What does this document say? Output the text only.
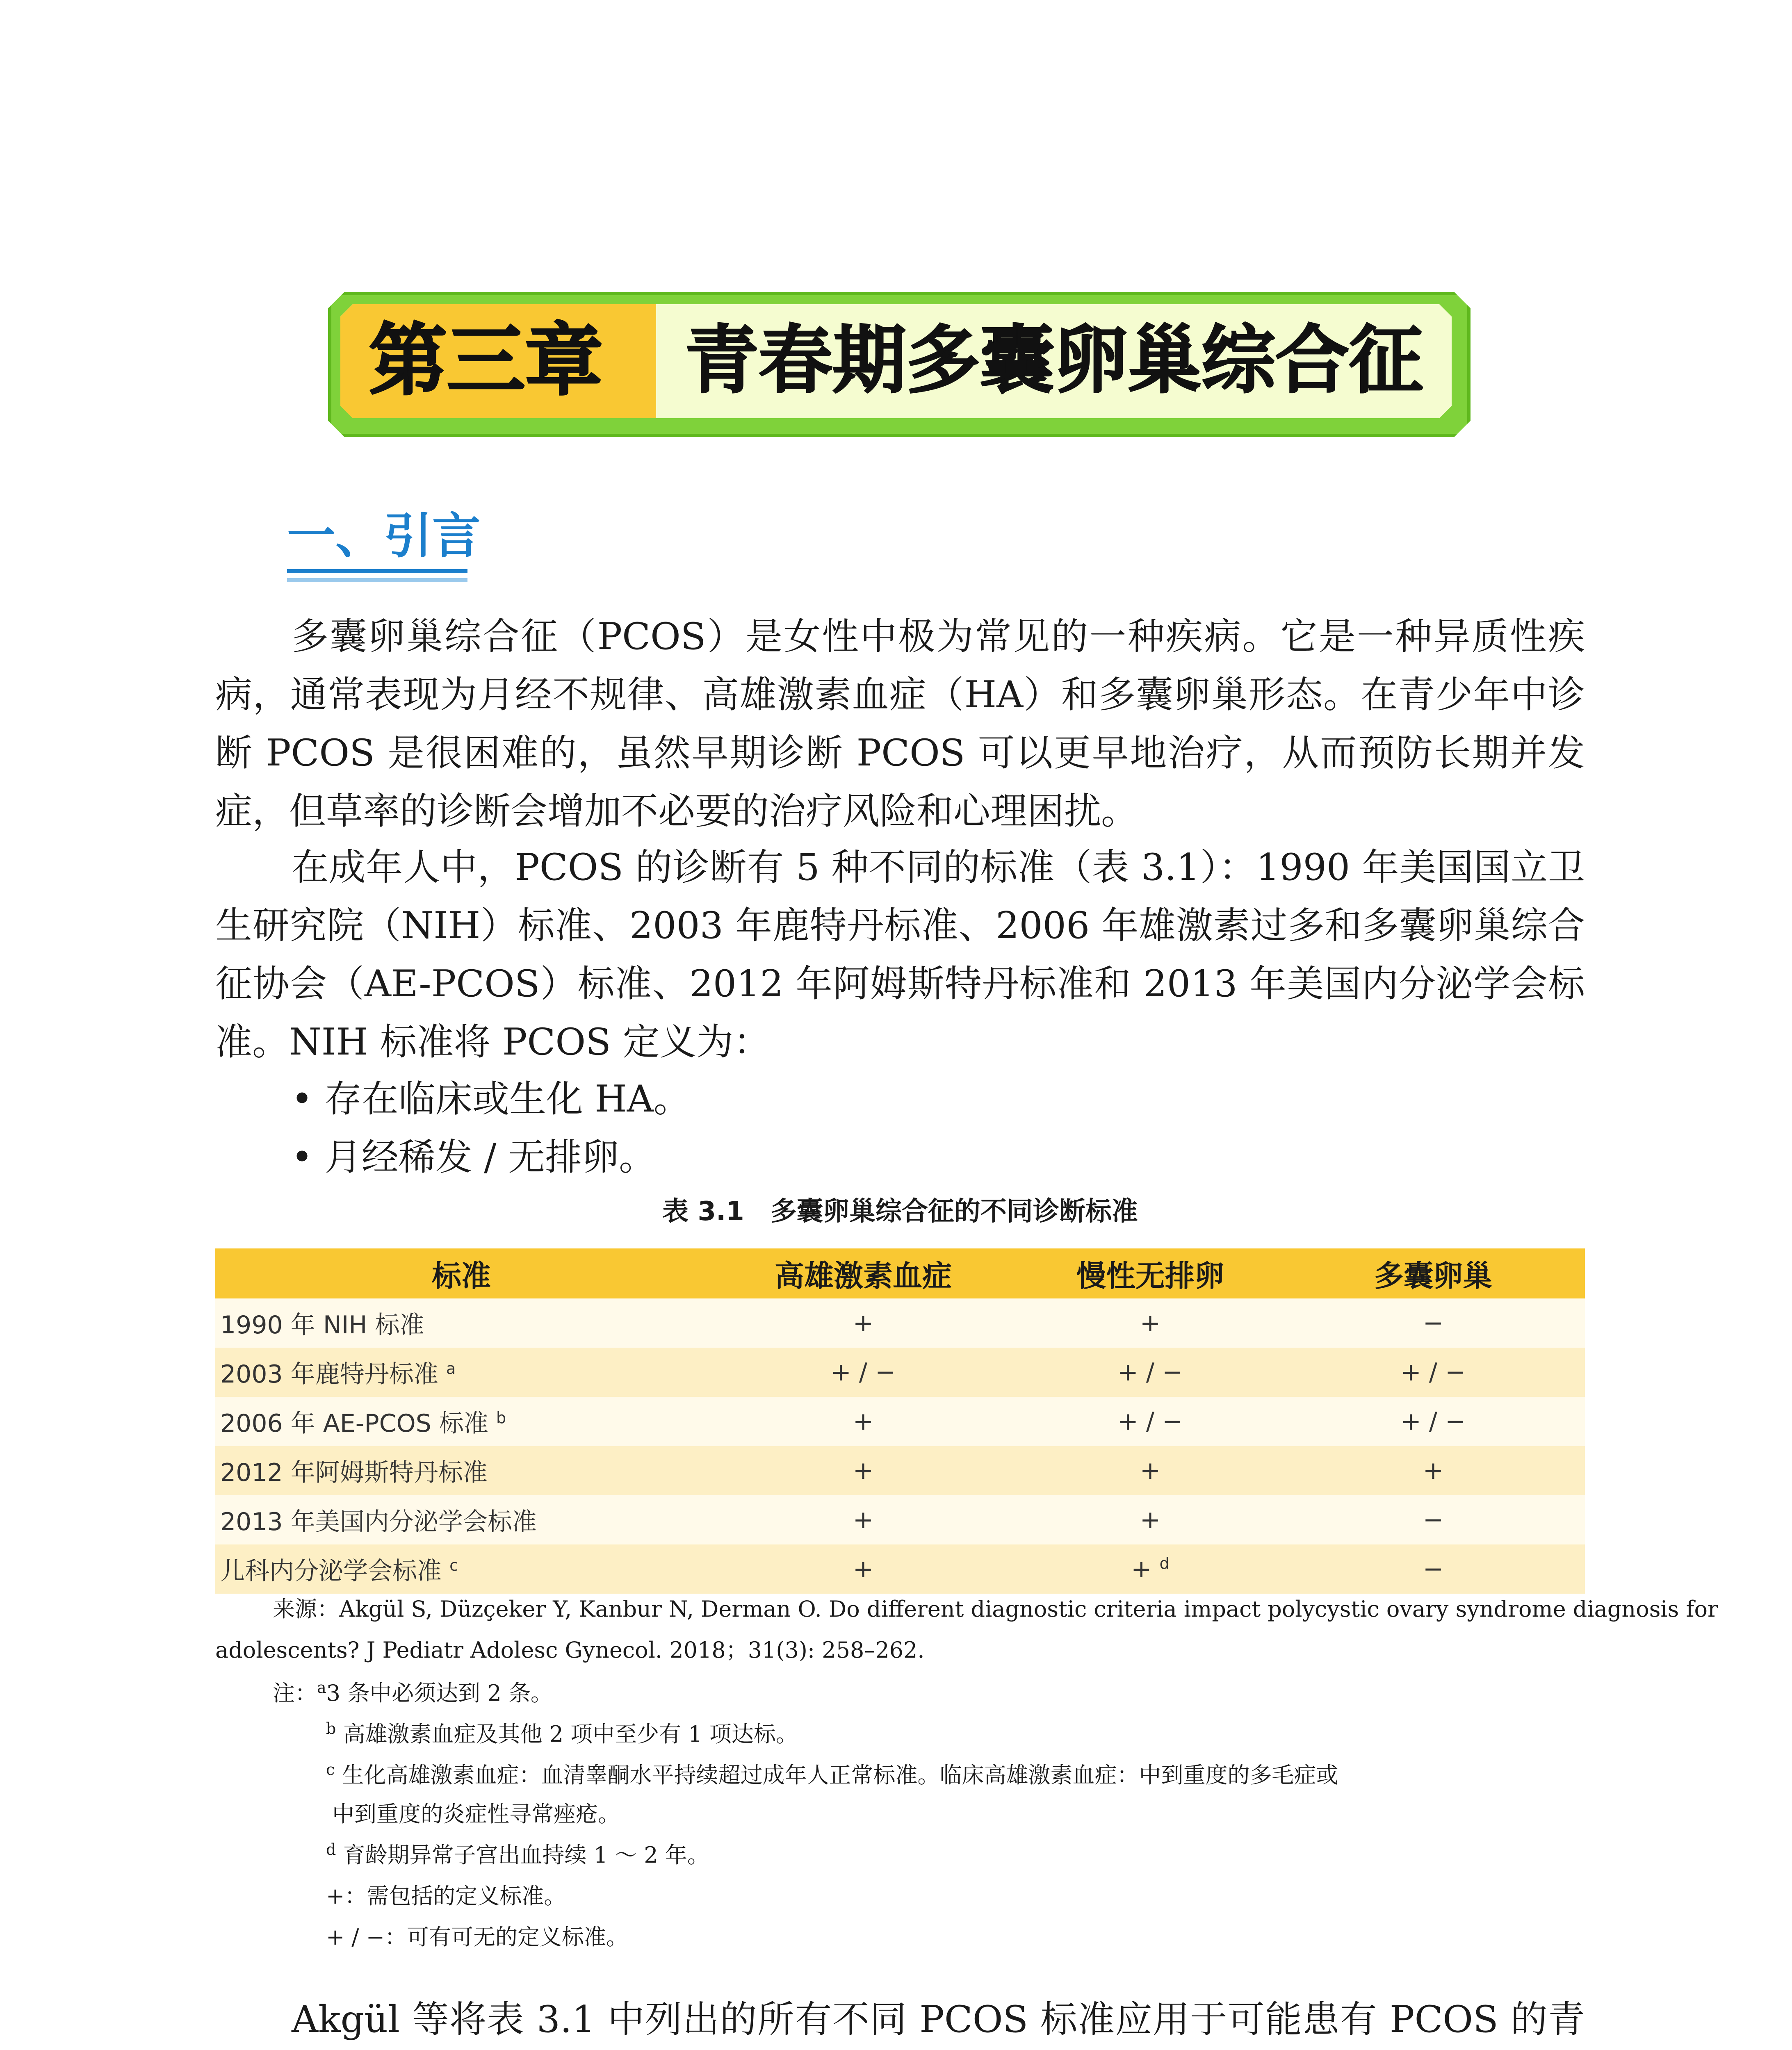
第三章 青春期多囊卵巢综合征
一、引言

多囊卵巢综合征（PCOS）是女性中极为常见的一种疾病。它是一种异质性疾病，通常表现为月经不规律、高雄激素血症（HA）和多囊卵巢形态。在青少年中诊断 PCOS 是很困难的，虽然早期诊断 PCOS 可以更早地治疗，从而预防长期并发症，但草率的诊断会增加不必要的治疗风险和心理困扰。

在成年人中，PCOS 的诊断有 5 种不同的标准（表 3.1）：1990 年美国国立卫生研究院（NIH）标准、2003 年鹿特丹标准、2006 年雄激素过多和多囊卵巢综合征协会（AE-PCOS）标准、2012 年阿姆斯特丹标准和 2013 年美国内分泌学会标准。NIH 标准将 PCOS 定义为：

• 存在临床或生化 HA。
• 月经稀发 / 无排卵。
表 3.1　多囊卵巢综合征的不同诊断标准
标准	高雄激素血症	慢性无排卵	多囊卵巢
1990 年 NIH 标准	+	+	−
2003 年鹿特丹标准 $^a$	+ / −	+ / −	+ / −
2006 年 AE-PCOS 标准 $^b$	+	+ / −	+ / −
2012 年阿姆斯特丹标准	+	+	+
2013 年美国内分泌学会标准	+	+	−
儿科内分泌学会标准 $^c$	+	+ $^d$	−
来源：Akgül S, Düzçeker Y, Kanbur N, Derman O. Do different diagnostic criteria impact polycystic ovary syndrome diagnosis for
adolescents? J Pediatr Adolesc Gynecol. 2018；31(3): 258–262.
注：$^a$3 条中必须达到 2 条。
$^b$ 高雄激素血症及其他 2 项中至少有 1 项达标。
$^c$ 生化高雄激素血症：血清睾酮水平持续超过成年人正常标准。临床高雄激素血症：中到重度的多毛症或
中到重度的炎症性寻常痤疮。
$^d$ 育龄期异常子宫出血持续 1 ～ 2 年。
+：需包括的定义标准。
+ / −：可有可无的定义标准。

Akgül 等将表 3.1 中列出的所有不同 PCOS 标准应用于可能患有 PCOS 的青
